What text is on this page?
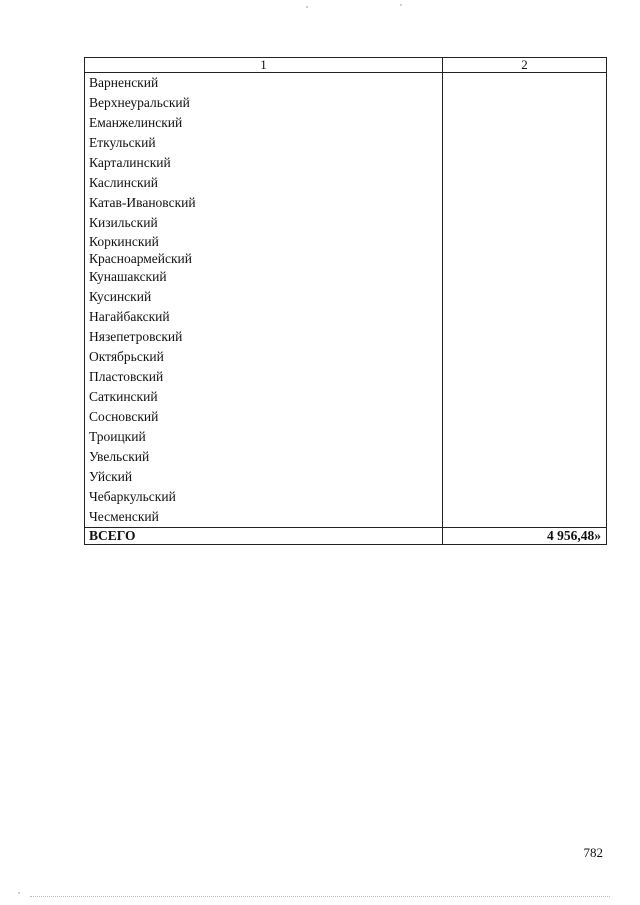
1	2
Варненский	
Верхнеуральский	
Еманжелинский	
Еткульский	
Карталинский	
Каслинский	
Катав-Ивановский	
Кизильский	
Коркинский	
Красноармейский	
Кунашакский	
Кусинский	
Нагайбакский	
Нязепетровский	
Октябрьский	
Пластовский	
Саткинский	
Сосновский	
Троицкий	
Увельский	
Уйский	
Чебаркульский	
Чесменский	
ВСЕГО	4 956,48»
782
